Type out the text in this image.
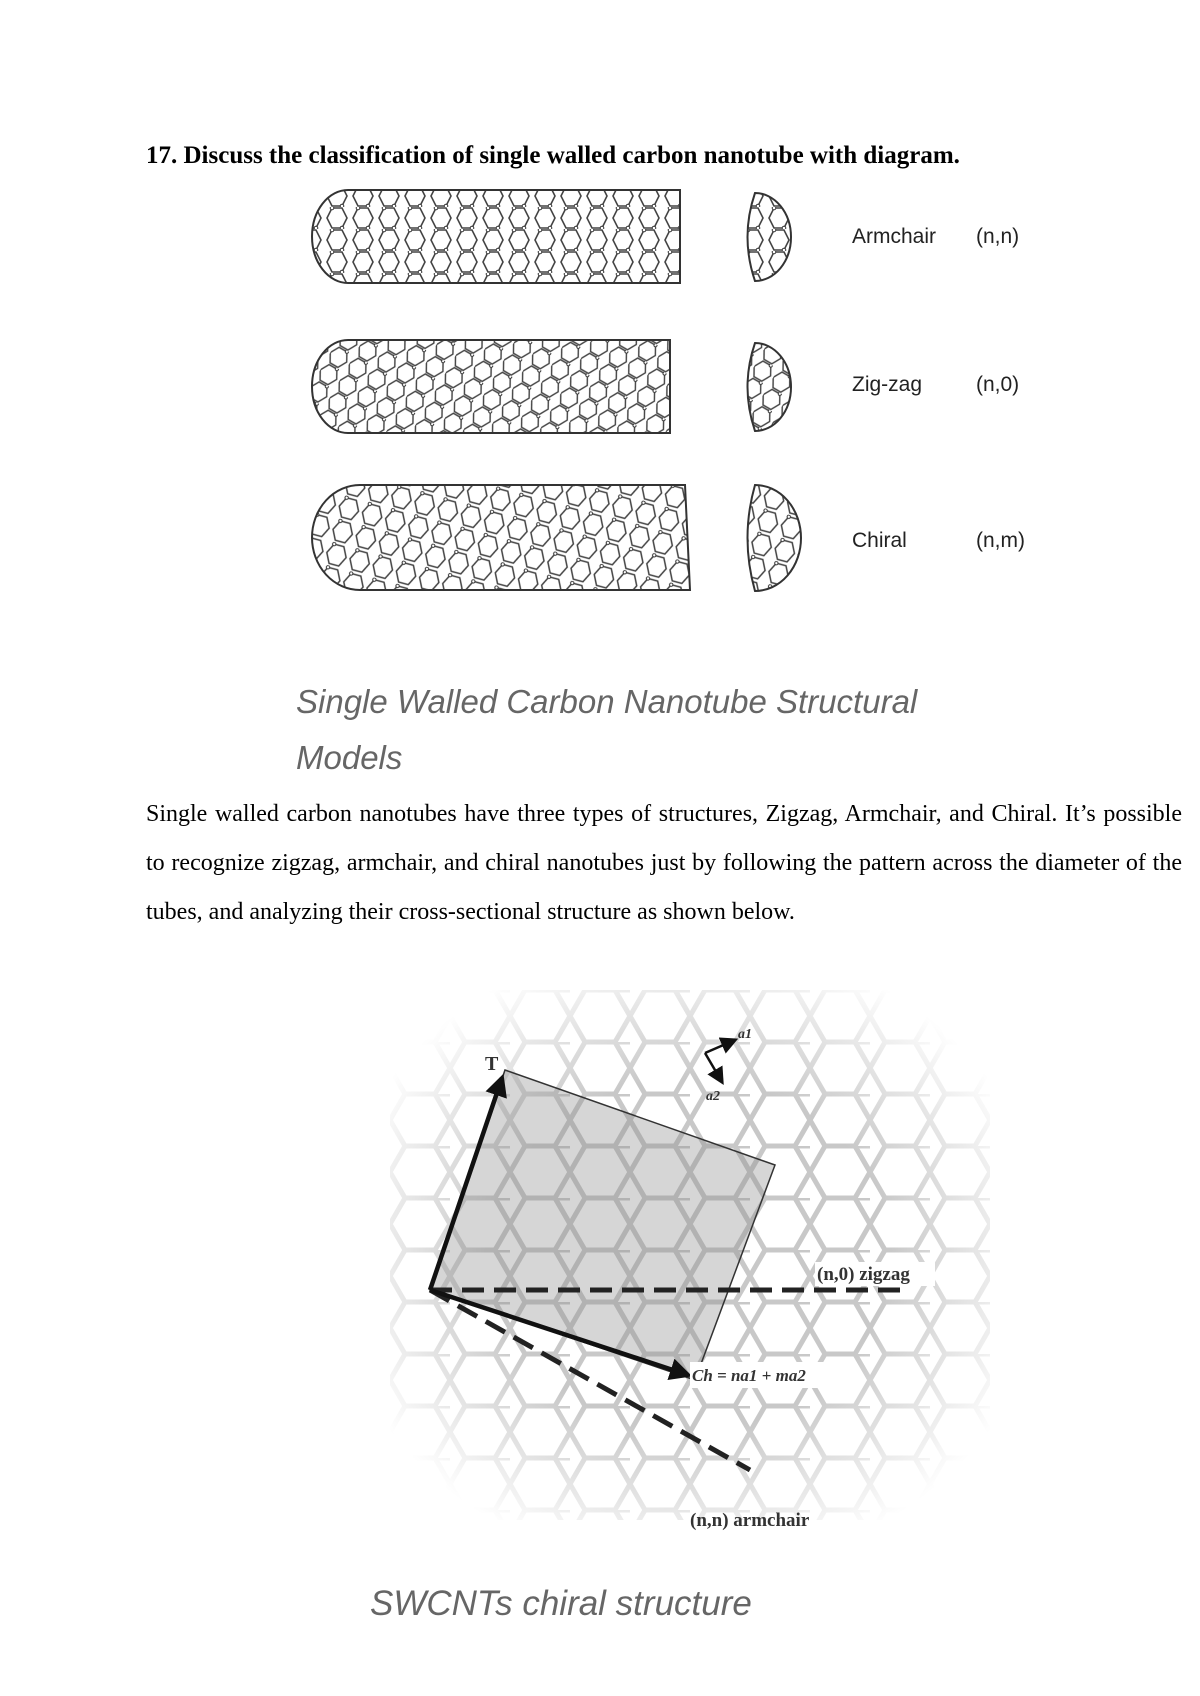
17. Discuss the classification of single walled carbon nanotube with diagram.
Armchair (n,n)
Zig-zag	(n,0)
Chiral	(n,m)

Single Walled Carbon Nanotube Structural
Models

Single walled carbon nanotubes have three types of structures, Zigzag, Armchair, and Chiral. It’s possible to recognize zigzag, armchair, and chiral nanotubes just by following the pattern across the diameter of the tubes, and analyzing their cross-sectional structure as shown below.

T
a1
a2
(n,0) zigzag
Ch = na1 + ma2
(n,n) armchair

SWCNTs chiral structure
